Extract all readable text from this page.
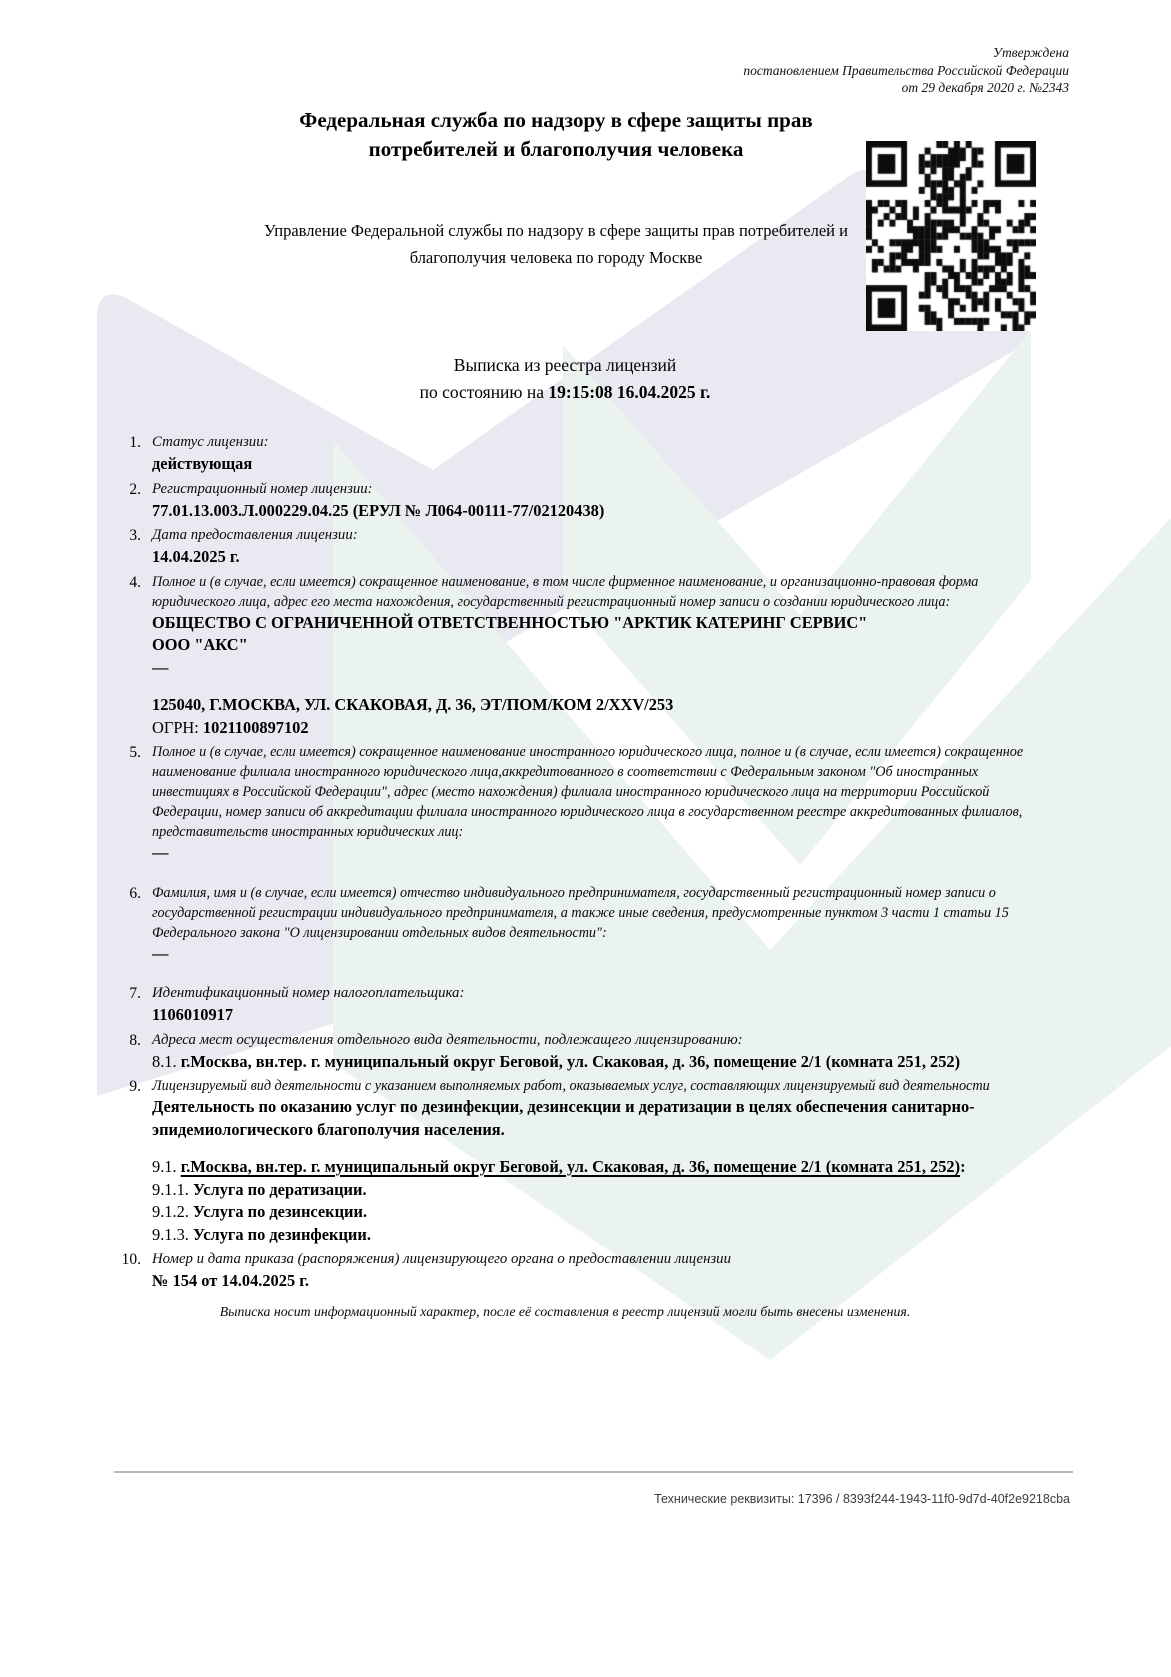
Утверждена
постановлением Правительства Российской Федерации
от 29 декабря 2020 г. №2343
Федеральная служба по надзору в сфере защиты прав потребителей и благополучия человека
Управление Федеральной службы по надзору в сфере защиты прав потребителей и благополучия человека по городу Москве
Выписка из реестра лицензий
по состоянию на 19:15:08 16.04.2025 г.
1. Статус лицензии:
действующая
2. Регистрационный номер лицензии:
77.01.13.003.Л.000229.04.25 (ЕРУЛ № Л064-00111-77/02120438)
3. Дата предоставления лицензии:
14.04.2025 г.
4. Полное и (в случае, если имеется) сокращенное наименование, в том числе фирменное наименование, и организационно-правовая форма юридического лица, адрес его места нахождения, государственный регистрационный номер записи о создании юридического лица:
ОБЩЕСТВО С ОГРАНИЧЕННОЙ ОТВЕТСТВЕННОСТЬЮ "АРКТИК КАТЕРИНГ СЕРВИС"
ООО "АКС"
—
125040, Г.МОСКВА, УЛ. СКАКОВАЯ, Д. 36, ЭТ/ПОМ/КОМ 2/XXV/253
ОГРН: 1021100897102
5. Полное и (в случае, если имеется) сокращенное наименование иностранного юридического лица, полное и (в случае, если имеется) сокращенное наименование филиала иностранного юридического лица,аккредитованного в соответствии с Федеральным законом "Об иностранных инвестициях в Российской Федерации", адрес (место нахождения) филиала иностранного юридического лица на территории Российской Федерации, номер записи об аккредитации филиала иностранного юридического лица в государственном реестре аккредитованных филиалов, представительств иностранных юридических лиц:
—
6. Фамилия, имя и (в случае, если имеется) отчество индивидуального предпринимателя, государственный регистрационный номер записи о государственной регистрации индивидуального предпринимателя, а также иные сведения, предусмотренные пунктом 3 части 1 статьи 15 Федерального закона "О лицензировании отдельных видов деятельности":
—
7. Идентификационный номер налогоплательщика:
1106010917
8. Адреса мест осуществления отдельного вида деятельности, подлежащего лицензированию:
8.1. г.Москва, вн.тер. г. муниципальный округ Беговой, ул. Скаковая, д. 36, помещение 2/1 (комната 251, 252)
9. Лицензируемый вид деятельности с указанием выполняемых работ, оказываемых услуг, составляющих лицензируемый вид деятельности
Деятельность по оказанию услуг по дезинфекции, дезинсекции и дератизации в целях обеспечения санитарно-эпидемиологического благополучия населения.
9.1. г.Москва, вн.тер. г. муниципальный округ Беговой, ул. Скаковая, д. 36, помещение 2/1 (комната 251, 252):
9.1.1. Услуга по дератизации.
9.1.2. Услуга по дезинсекции.
9.1.3. Услуга по дезинфекции.
10. Номер и дата приказа (распоряжения) лицензирующего органа о предоставлении лицензии
№ 154 от 14.04.2025 г.
Выписка носит информационный характер, после её составления в реестр лицензий могли быть внесены изменения.
Технические реквизиты: 17396 / 8393f244-1943-11f0-9d7d-40f2e9218cba
